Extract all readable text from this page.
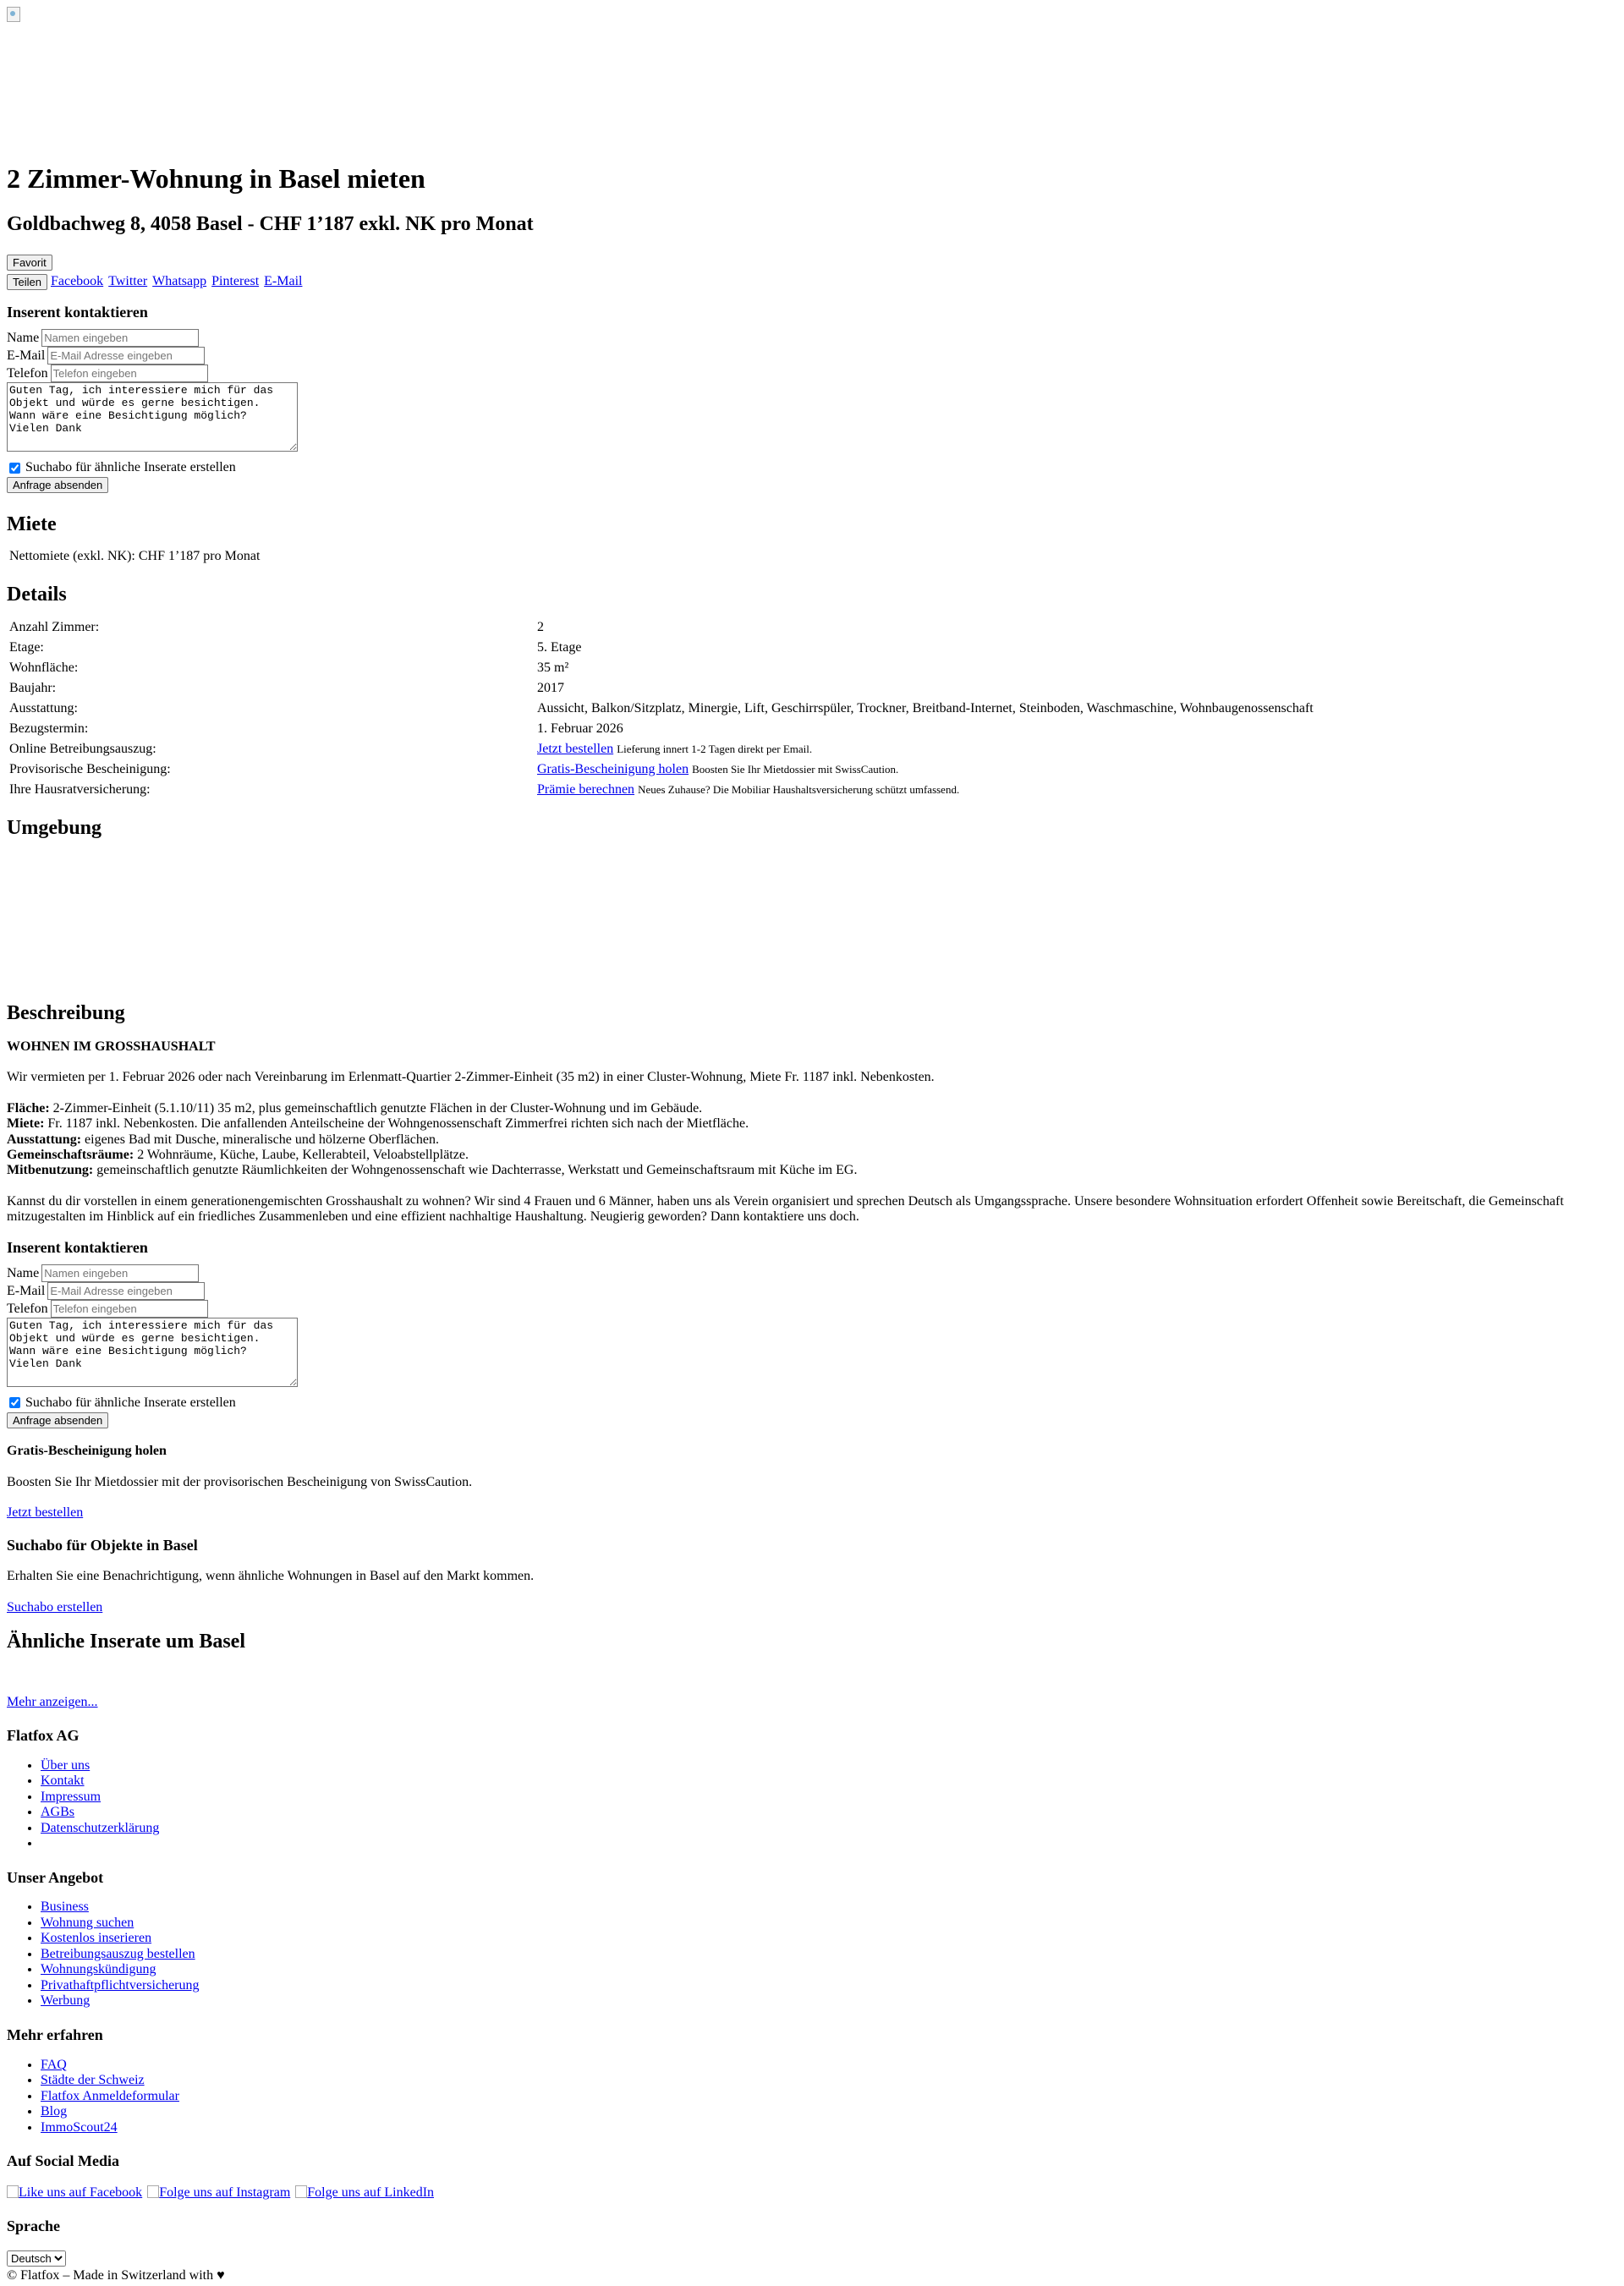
2 Zimmer-Wohnung in Basel mieten
Goldbachweg 8, 4058 Basel - CHF 1’187 exkl. NK pro Monat
Favorit
Teilen Facebook Twitter Whatsapp Pinterest E-Mail
Inserent kontaktieren
Name
Namen eingeben
E-Mail
E-Mail Adresse eingeben
Telefon
Telefon eingeben
Guten Tag, ich interessiere mich für das Objekt und würde es gerne besichtigen. Wann wäre eine Besichtigung möglich? Vielen Dank
Suchabo für ähnliche Inserate erstellen
Anfrage absenden
Miete
Nettomiete (exkl. NK): CHF 1’187 pro Monat
Details
Anzahl Zimmer:	2
Etage:	5. Etage
Wohnfläche:	35 m²
Baujahr:	2017
Ausstattung:	Aussicht, Balkon/Sitzplatz, Minergie, Lift, Geschirrspüler, Trockner, Breitband-Internet, Steinboden, Waschmaschine, Wohnbaugenossenschaft
Bezugstermin:	1. Februar 2026
Online Betreibungsauszug:	Jetzt bestellen Lieferung innert 1-2 Tagen direkt per Email.
Provisorische Bescheinigung:	Gratis-Bescheinigung holen Boosten Sie Ihr Mietdossier mit SwissCaution.
Ihre Hausratversicherung:	Prämie berechnen Neues Zuhause? Die Mobiliar Haushaltsversicherung schützt umfassend.
Umgebung
Beschreibung

WOHNEN IM GROSSHAUSHALT

Wir vermieten per 1. Februar 2026 oder nach Vereinbarung im Erlenmatt-Quartier 2-Zimmer-Einheit (35 m2) in einer Cluster-Wohnung, Miete Fr. 1187 inkl. Nebenkosten.

Fläche: 2-Zimmer-Einheit (5.1.10/11) 35 m2, plus gemeinschaftlich genutzte Flächen in der Cluster-Wohnung und im Gebäude.
Miete: Fr. 1187 inkl. Nebenkosten. Die anfallenden Anteilscheine der Wohngenossenschaft Zimmerfrei richten sich nach der Mietfläche.
Ausstattung: eigenes Bad mit Dusche, mineralische und hölzerne Oberflächen.
Gemeinschaftsräume: 2 Wohnräume, Küche, Laube, Kellerabteil, Veloabstellplätze.
Mitbenutzung: gemeinschaftlich genutzte Räumlichkeiten der Wohngenossenschaft wie Dachterrasse, Werkstatt und Gemeinschaftsraum mit Küche im EG.

Kannst du dir vorstellen in einem generationengemischten Grosshaushalt zu wohnen? Wir sind 4 Frauen und 6 Männer, haben uns als Verein organisiert und sprechen Deutsch als Umgangssprache. Unsere besondere Wohnsituation erfordert Offenheit sowie Bereitschaft, die Gemeinschaft mitzugestalten im Hinblick auf ein friedliches Zusammenleben und eine effizient nachhaltige Haushaltung. Neugierig geworden? Dann kontaktiere uns doch.

Inserent kontaktieren
Name
Namen eingeben
E-Mail
E-Mail Adresse eingeben
Telefon
Telefon eingeben
Guten Tag, ich interessiere mich für das Objekt und würde es gerne besichtigen. Wann wäre eine Besichtigung möglich? Vielen Dank
Suchabo für ähnliche Inserate erstellen
Anfrage absenden
Gratis-Bescheinigung holen

Boosten Sie Ihr Mietdossier mit der provisorischen Bescheinigung von SwissCaution.

Jetzt bestellen

Suchabo für Objekte in Basel

Erhalten Sie eine Benachrichtigung, wenn ähnliche Wohnungen in Basel auf den Markt kommen.

Suchabo erstellen

Ähnliche Inserate um Basel
Mehr anzeigen...
Flatfox AG
• Über uns
• Kontakt
• Impressum
• AGBs
• Datenschutzerklärung
•
Unser Angebot
• Business
• Wohnung suchen
• Kostenlos inserieren
• Betreibungsauszug bestellen
• Wohnungskündigung
• Privathaftpflichtversicherung
• Werbung
Mehr erfahren
• FAQ
• Städte der Schweiz
• Flatfox Anmeldeformular
• Blog
• ImmoScout24
Auf Social Media
Like uns auf Facebook	Folge uns auf Instagram	Folge uns auf LinkedIn
Sprache
Deutsch
© Flatfox – Made in Switzerland with ♥
